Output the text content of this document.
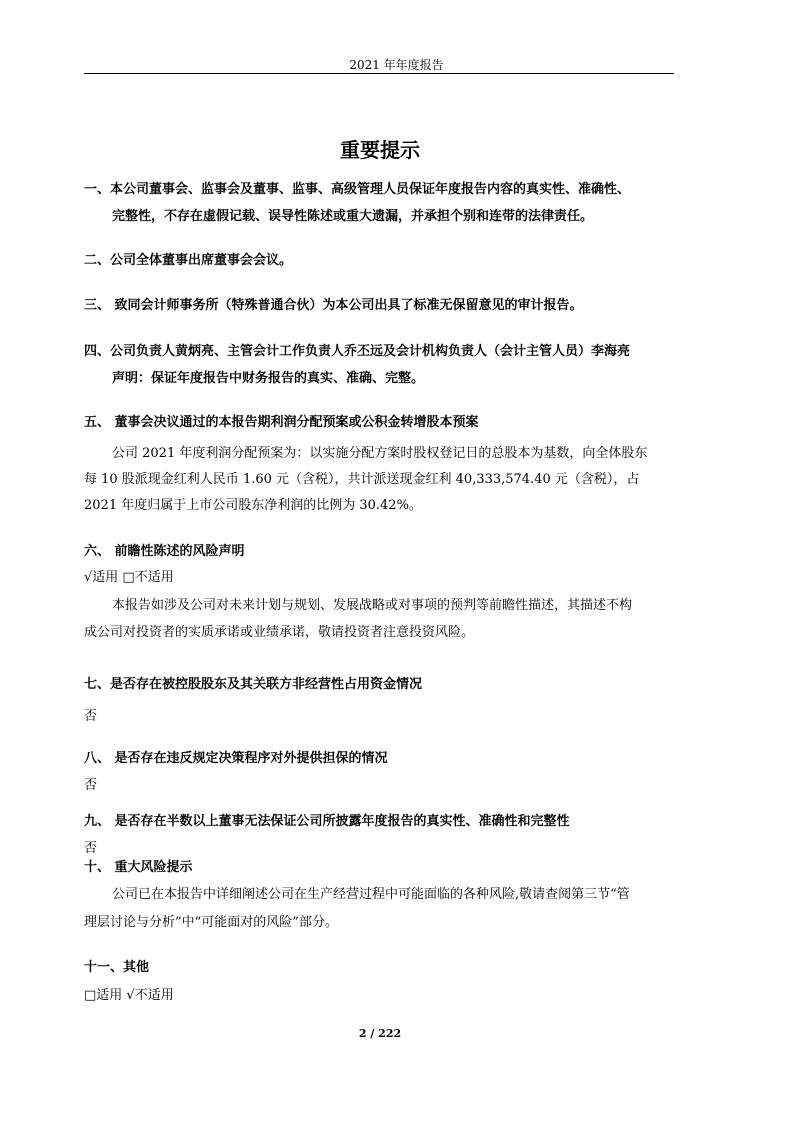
2021 年年度报告
重要提示
一、本公司董事会、监事会及董事、监事、高级管理人员保证年度报告内容的真实性、准确性、
完整性，不存在虚假记载、误导性陈述或重大遗漏，并承担个别和连带的法律责任。
二、公司全体董事出席董事会会议。
三、 致同会计师事务所（特殊普通合伙）为本公司出具了标准无保留意见的审计报告。
四、公司负责人黄炳亮、主管会计工作负责人乔丕远及会计机构负责人（会计主管人员）李海亮
声明：保证年度报告中财务报告的真实、准确、完整。
五、 董事会决议通过的本报告期利润分配预案或公积金转增股本预案
公司 2021 年度利润分配预案为：以实施分配方案时股权登记日的总股本为基数，向全体股东
每 10 股派现金红利人民币 1.60 元（含税），共计派送现金红利 40,333,574.40 元（含税），占
2021 年度归属于上市公司股东净利润的比例为 30.42%。
六、 前瞻性陈述的风险声明
√适用 □不适用
本报告如涉及公司对未来计划与规划、发展战略或对事项的预判等前瞻性描述，其描述不构
成公司对投资者的实质承诺或业绩承诺，敬请投资者注意投资风险。
七、是否存在被控股股东及其关联方非经营性占用资金情况
否
八、 是否存在违反规定决策程序对外提供担保的情况
否
九、 是否存在半数以上董事无法保证公司所披露年度报告的真实性、准确性和完整性
否
十、 重大风险提示
公司已在本报告中详细阐述公司在生产经营过程中可能面临的各种风险,敬请查阅第三节“管
理层讨论与分析”中“可能面对的风险”部分。
十一、其他
□适用 √不适用
2 / 222
